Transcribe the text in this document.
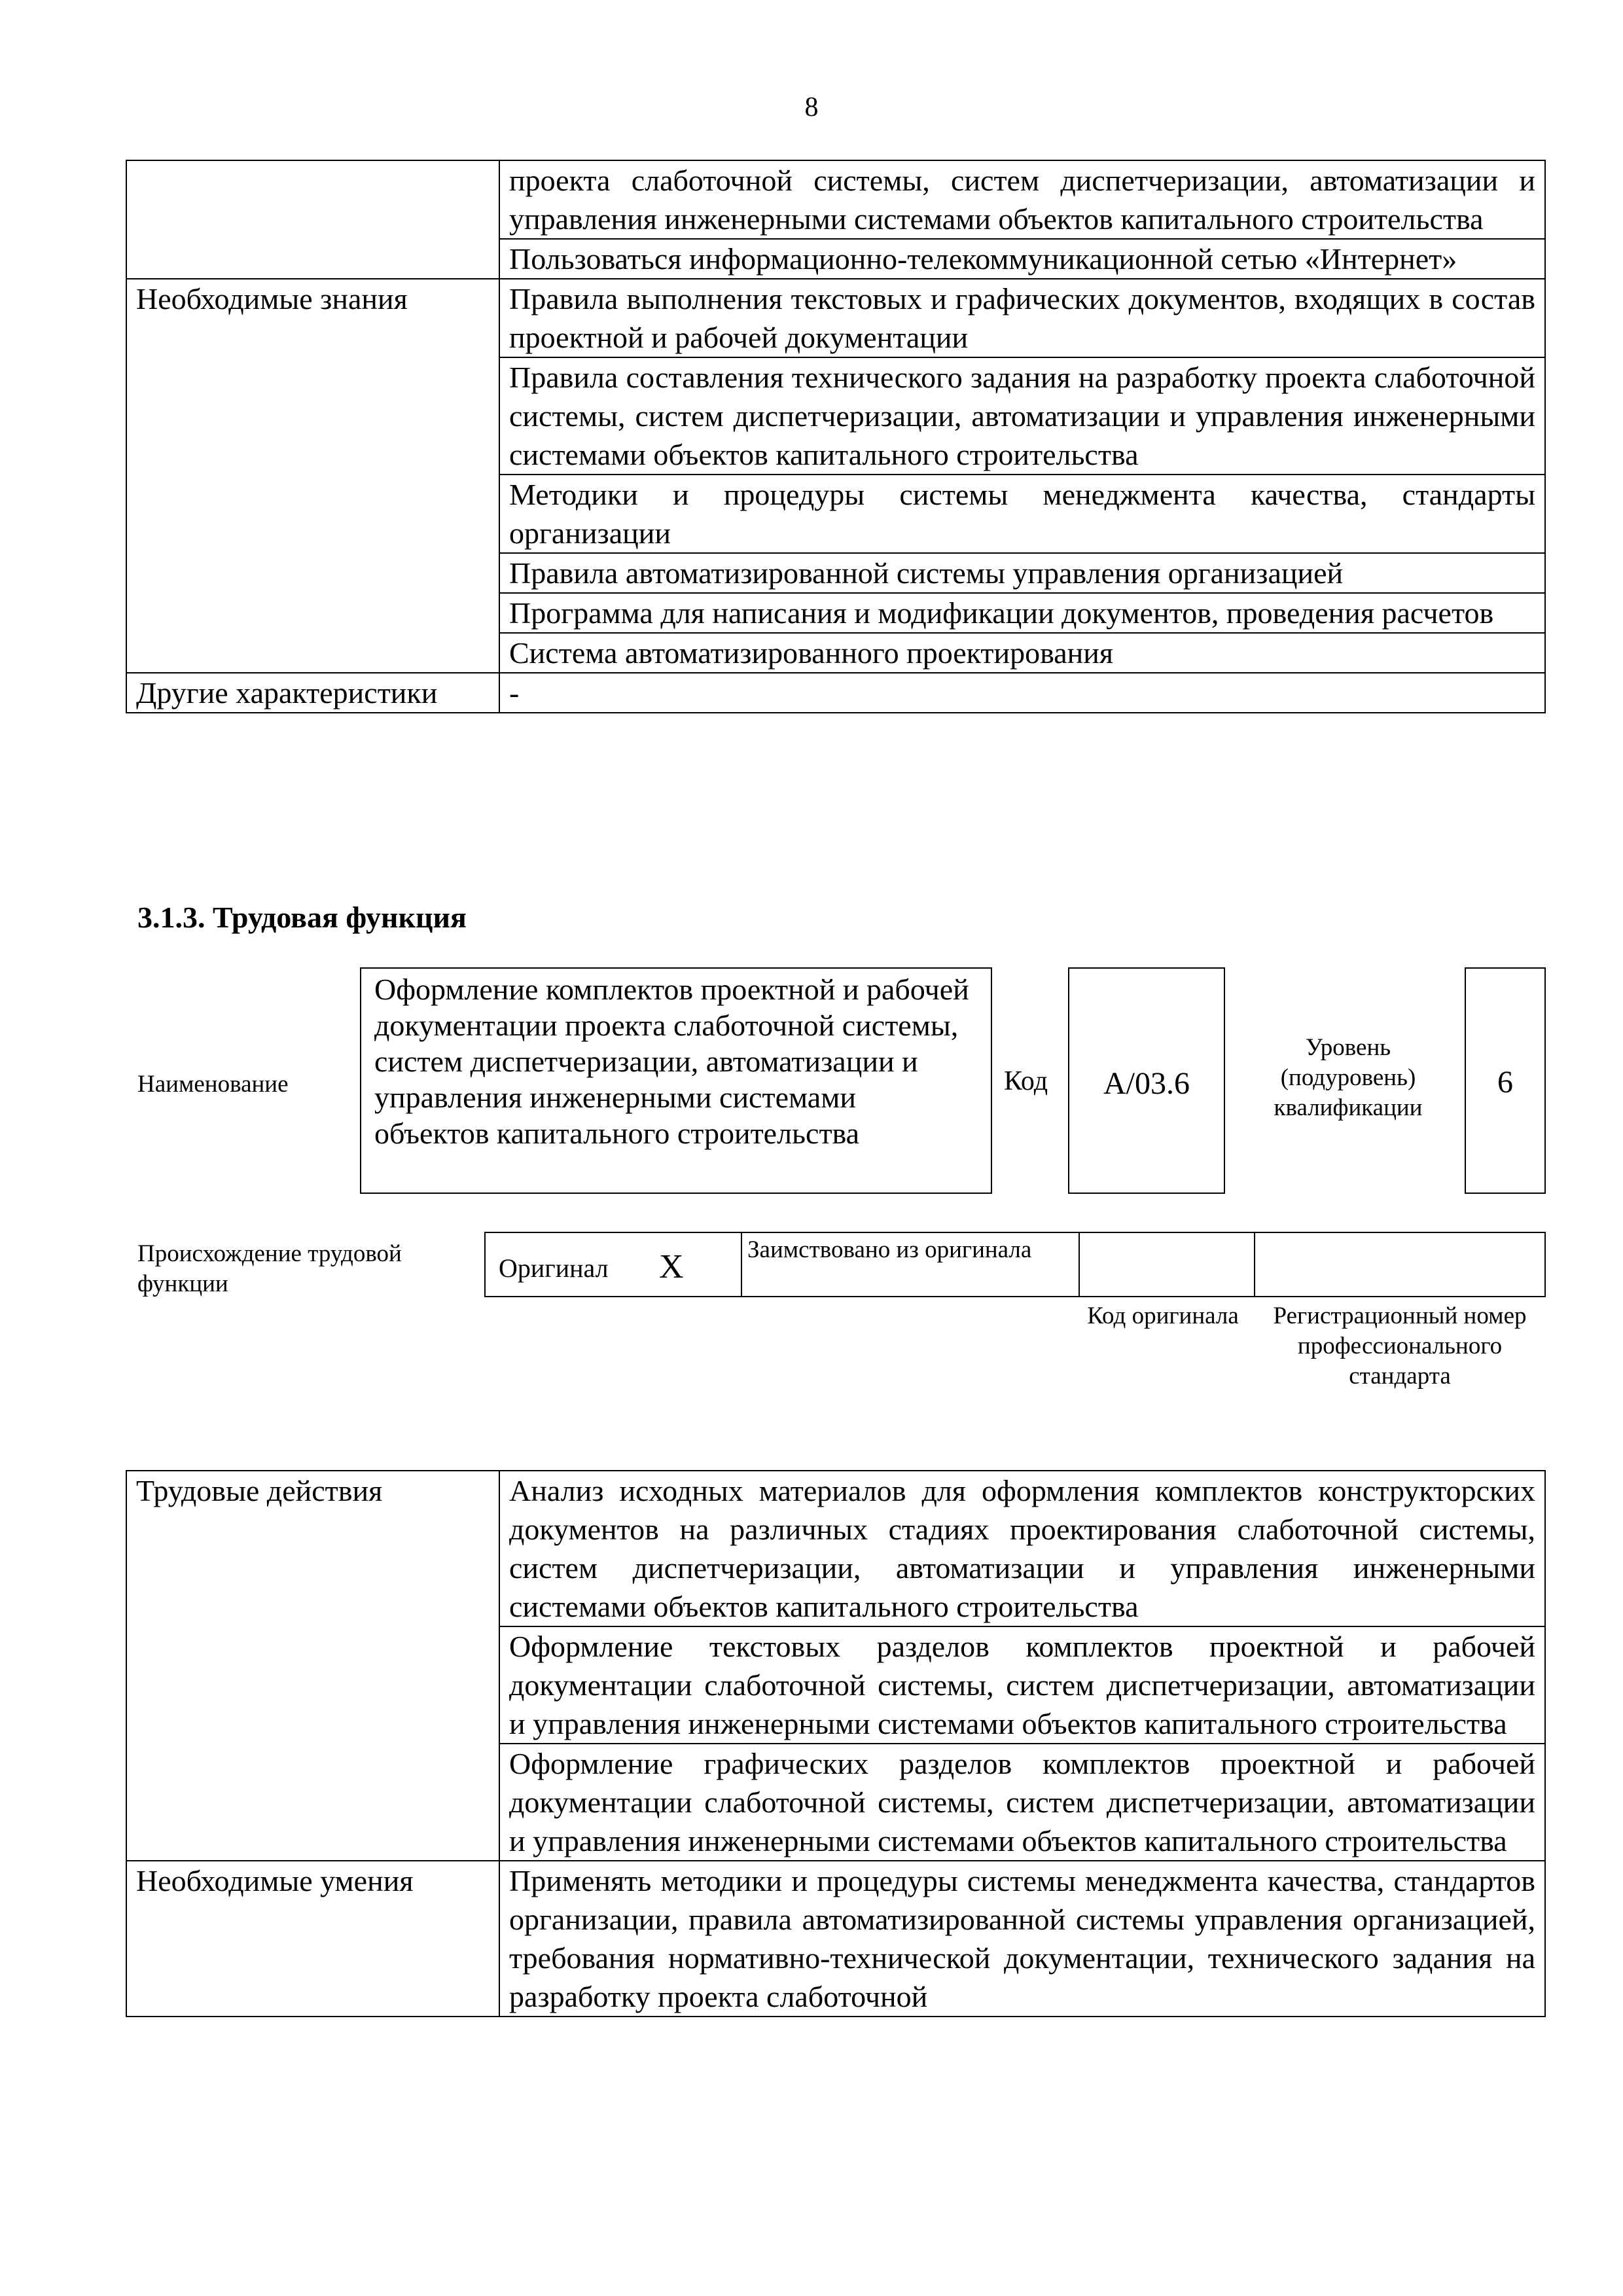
8
	проекта слаботочной системы, систем диспетчеризации, автоматизации и управления инженерными системами объектов капитального строительства
	Пользоваться информационно-телекоммуникационной сетью «Интернет»
Необходимые знания	Правила выполнения текстовых и графических документов, входящих в состав проектной и рабочей документации
	Правила составления технического задания на разработку проекта слаботочной системы, систем диспетчеризации, автоматизации и управления инженерными системами объектов капитального строительства
	Методики и процедуры системы менеджмента качества, стандарты организации
	Правила автоматизированной системы управления организацией
	Программа для написания и модификации документов, проведения расчетов
	Система автоматизированного проектирования
Другие характеристики	-
3.1.3. Трудовая функция
Наименование
Оформление комплектов проектной и рабочей документации проекта слаботочной системы, систем диспетчеризации, автоматизации и управления инженерными системами объектов капитального строительства
Код	A/03.6
Уровень (подуровень) квалификации
6
Происхождение трудовой функции
Оригинал X	Заимствовано из оригинала
Код оригинала	Регистрационный номер профессионального стандарта
Трудовые действия	Анализ исходных материалов для оформления комплектов конструкторских документов на различных стадиях проектирования слаботочной системы, систем диспетчеризации, автоматизации и управления инженерными системами объектов капитального строительства
	Оформление текстовых разделов комплектов проектной и рабочей документации слаботочной системы, систем диспетчеризации, автоматизации и управления инженерными системами объектов капитального строительства
	Оформление графических разделов комплектов проектной и рабочей документации слаботочной системы, систем диспетчеризации, автоматизации и управления инженерными системами объектов капитального строительства
Необходимые умения	Применять методики и процедуры системы менеджмента качества, стандартов организации, правила автоматизированной системы управления организацией, требования нормативно-технической документации, технического задания на разработку проекта слаботочной
